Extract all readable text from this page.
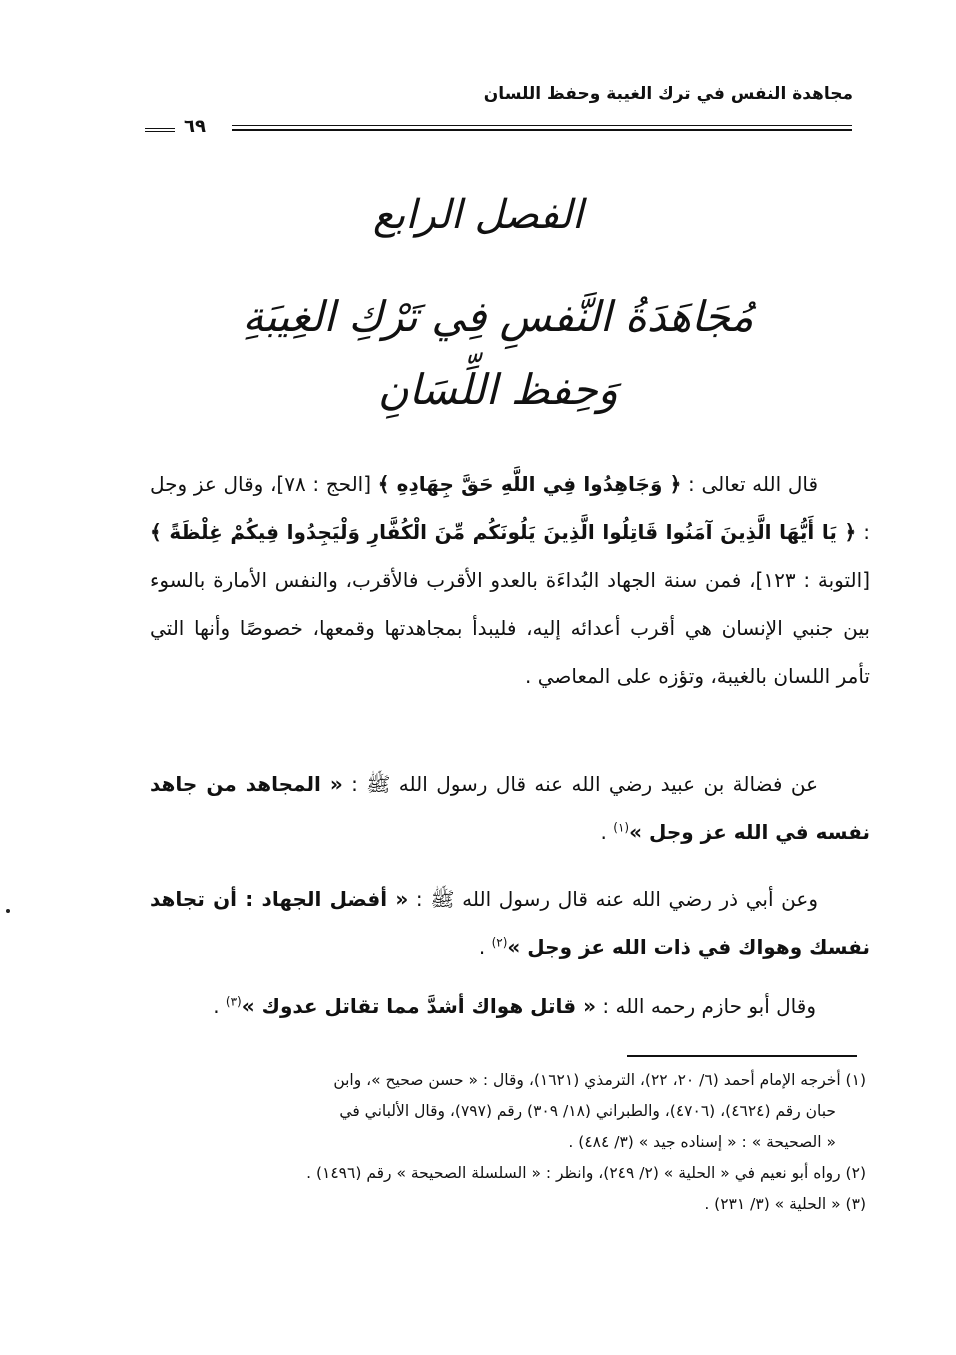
مجاهدة النفس في ترك الغيبة وحفظ اللسان
٦٩
الفصل الرابع
مُجَاهَدَةُ النَّفسِ فِي تَرْكِ الغِيبَةِ
وَحِفظ اللِّسَانِ
قال الله تعالى : ﴿ وَجَاهِدُوا فِي اللَّهِ حَقَّ جِهَادِهِ ﴾ [الحج : ٧٨]، وقال عز وجل : ﴿ يَا أَيُّهَا الَّذِينَ آمَنُوا قَاتِلُوا الَّذِينَ يَلُونَكُم مِّنَ الْكُفَّارِ وَلْيَجِدُوا فِيكُمْ غِلْظَةً ﴾ [التوبة : ١٢٣]، فمن سنة الجهاد البُداءَة بالعدو الأقرب فالأقرب، والنفس الأمارة بالسوء بين جنبي الإنسان هي أقرب أعدائه إليه، فليبدأ بمجاهدتها وقمعها، خصوصًا وأنها التي تأمر اللسان بالغيبة، وتؤزه على المعاصي .
عن فضالة بن عبيد رضي الله عنه قال رسول الله ﷺ : « المجاهد من جاهد نفسه في الله عز وجل »$^{(١)}$ .
وعن أبي ذر رضي الله عنه قال رسول الله ﷺ : « أفضل الجهاد : أن تجاهد نفسك وهواك في ذات الله عز وجل »$^{(٢)}$ .
وقال أبو حازم رحمه الله : « قاتل هواك أشدَّ مما تقاتل عدوك »$^{(٣)}$ .
(١) أخرجه الإمام أحمد (٦/ ٢٠، ٢٢)، الترمذي (١٦٢١)، وقال : « حسن صحيح »، وابن
حبان رقم (٤٦٢٤)، (٤٧٠٦)، والطبراني (١٨/ ٣٠٩) رقم (٧٩٧)، وقال الألباني في
« الصحيحة » : « إسناده جيد » (٣/ ٤٨٤) .
(٢) رواه أبو نعيم في « الحلية » (٢/ ٢٤٩)، وانظر : « السلسلة الصحيحة » رقم (١٤٩٦) .
(٣) « الحلية » (٣/ ٢٣١) .
